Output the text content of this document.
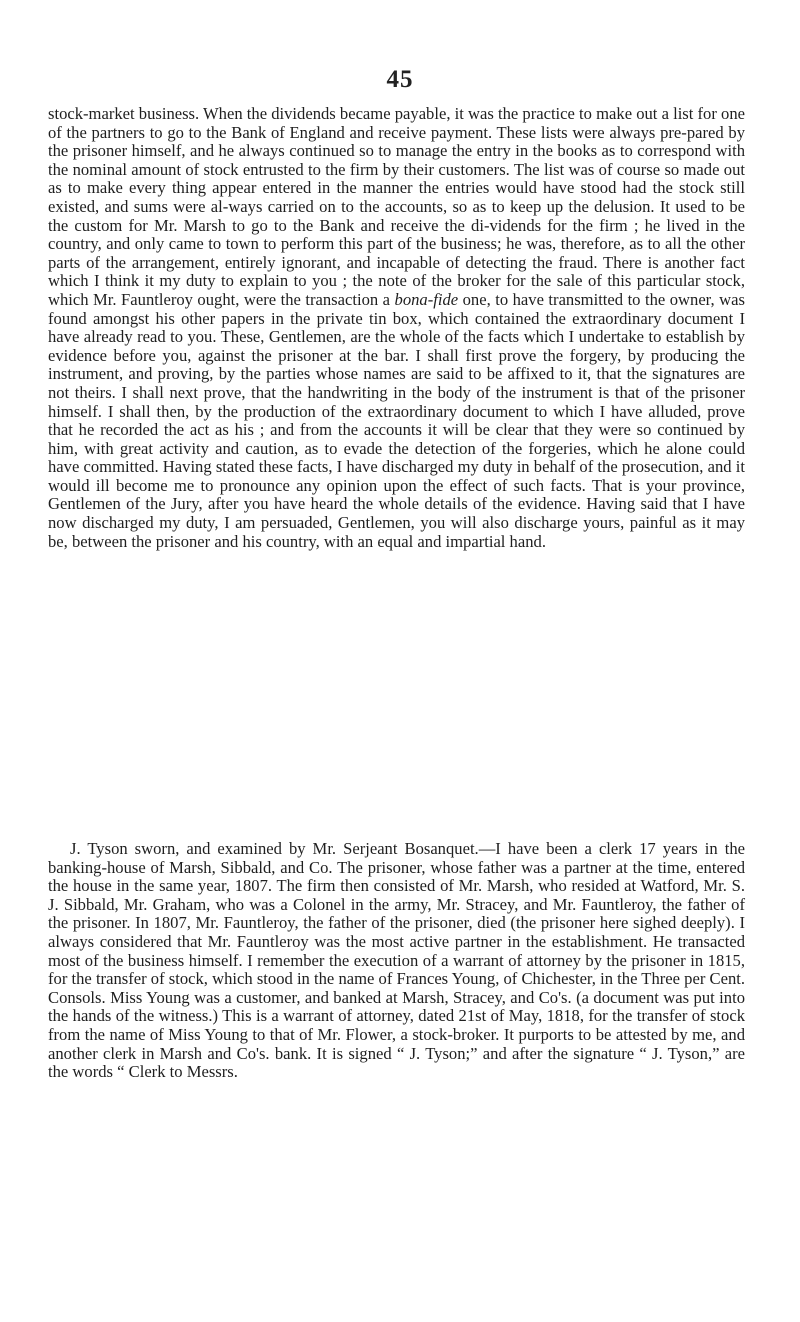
45

stock-market business. When the dividends became payable, it was the practice to make out a list for one of the partners to go to the Bank of England and receive payment. These lists were always pre-pared by the prisoner himself, and he always continued so to manage the entry in the books as to correspond with the nominal amount of stock entrusted to the firm by their customers. The list was of course so made out as to make every thing appear entered in the manner the entries would have stood had the stock still existed, and sums were al-ways carried on to the accounts, so as to keep up the delusion. It used to be the custom for Mr. Marsh to go to the Bank and receive the di-vidends for the firm ; he lived in the country, and only came to town to perform this part of the business; he was, therefore, as to all the other parts of the arrangement, entirely ignorant, and incapable of detecting the fraud. There is another fact which I think it my duty to explain to you ; the note of the broker for the sale of this particular stock, which Mr. Fauntleroy ought, were the transaction a bona-fide one, to have transmitted to the owner, was found amongst his other papers in the private tin box, which contained the extraordinary document I have already read to you. These, Gentlemen, are the whole of the facts which I undertake to establish by evidence before you, against the prisoner at the bar. I shall first prove the forgery, by producing the instrument, and proving, by the parties whose names are said to be affixed to it, that the signatures are not theirs. I shall next prove, that the handwriting in the body of the instrument is that of the prisoner himself. I shall then, by the production of the extraordinary document to which I have alluded, prove that he recorded the act as his ; and from the accounts it will be clear that they were so continued by him, with great activity and caution, as to evade the detection of the forgeries, which he alone could have committed. Having stated these facts, I have discharged my duty in behalf of the prosecution, and it would ill become me to pronounce any opinion upon the effect of such facts. That is your province, Gentlemen of the Jury, after you have heard the whole details of the evidence. Having said that I have now discharged my duty, I am persuaded, Gentlemen, you will also discharge yours, painful as it may be, between the prisoner and his country, with an equal and impartial hand.

J. Tyson sworn, and examined by Mr. Serjeant Bosanquet.—I have been a clerk 17 years in the banking-house of Marsh, Sibbald, and Co. The prisoner, whose father was a partner at the time, entered the house in the same year, 1807. The firm then consisted of Mr. Marsh, who resided at Watford, Mr. S. J. Sibbald, Mr. Graham, who was a Colonel in the army, Mr. Stracey, and Mr. Fauntleroy, the father of the prisoner. In 1807, Mr. Fauntleroy, the father of the prisoner, died (the prisoner here sighed deeply). I always considered that Mr. Fauntleroy was the most active partner in the establishment. He transacted most of the business himself. I remember the execution of a warrant of attorney by the prisoner in 1815, for the transfer of stock, which stood in the name of Frances Young, of Chichester, in the Three per Cent. Consols. Miss Young was a customer, and banked at Marsh, Stracey, and Co's. (a document was put into the hands of the witness.) This is a warrant of attorney, dated 21st of May, 1818, for the transfer of stock from the name of Miss Young to that of Mr. Flower, a stock-broker. It purports to be attested by me, and another clerk in Marsh and Co's. bank. It is signed “ J. Tyson;” and after the signature “ J. Tyson,” are the words “ Clerk to Messrs.
